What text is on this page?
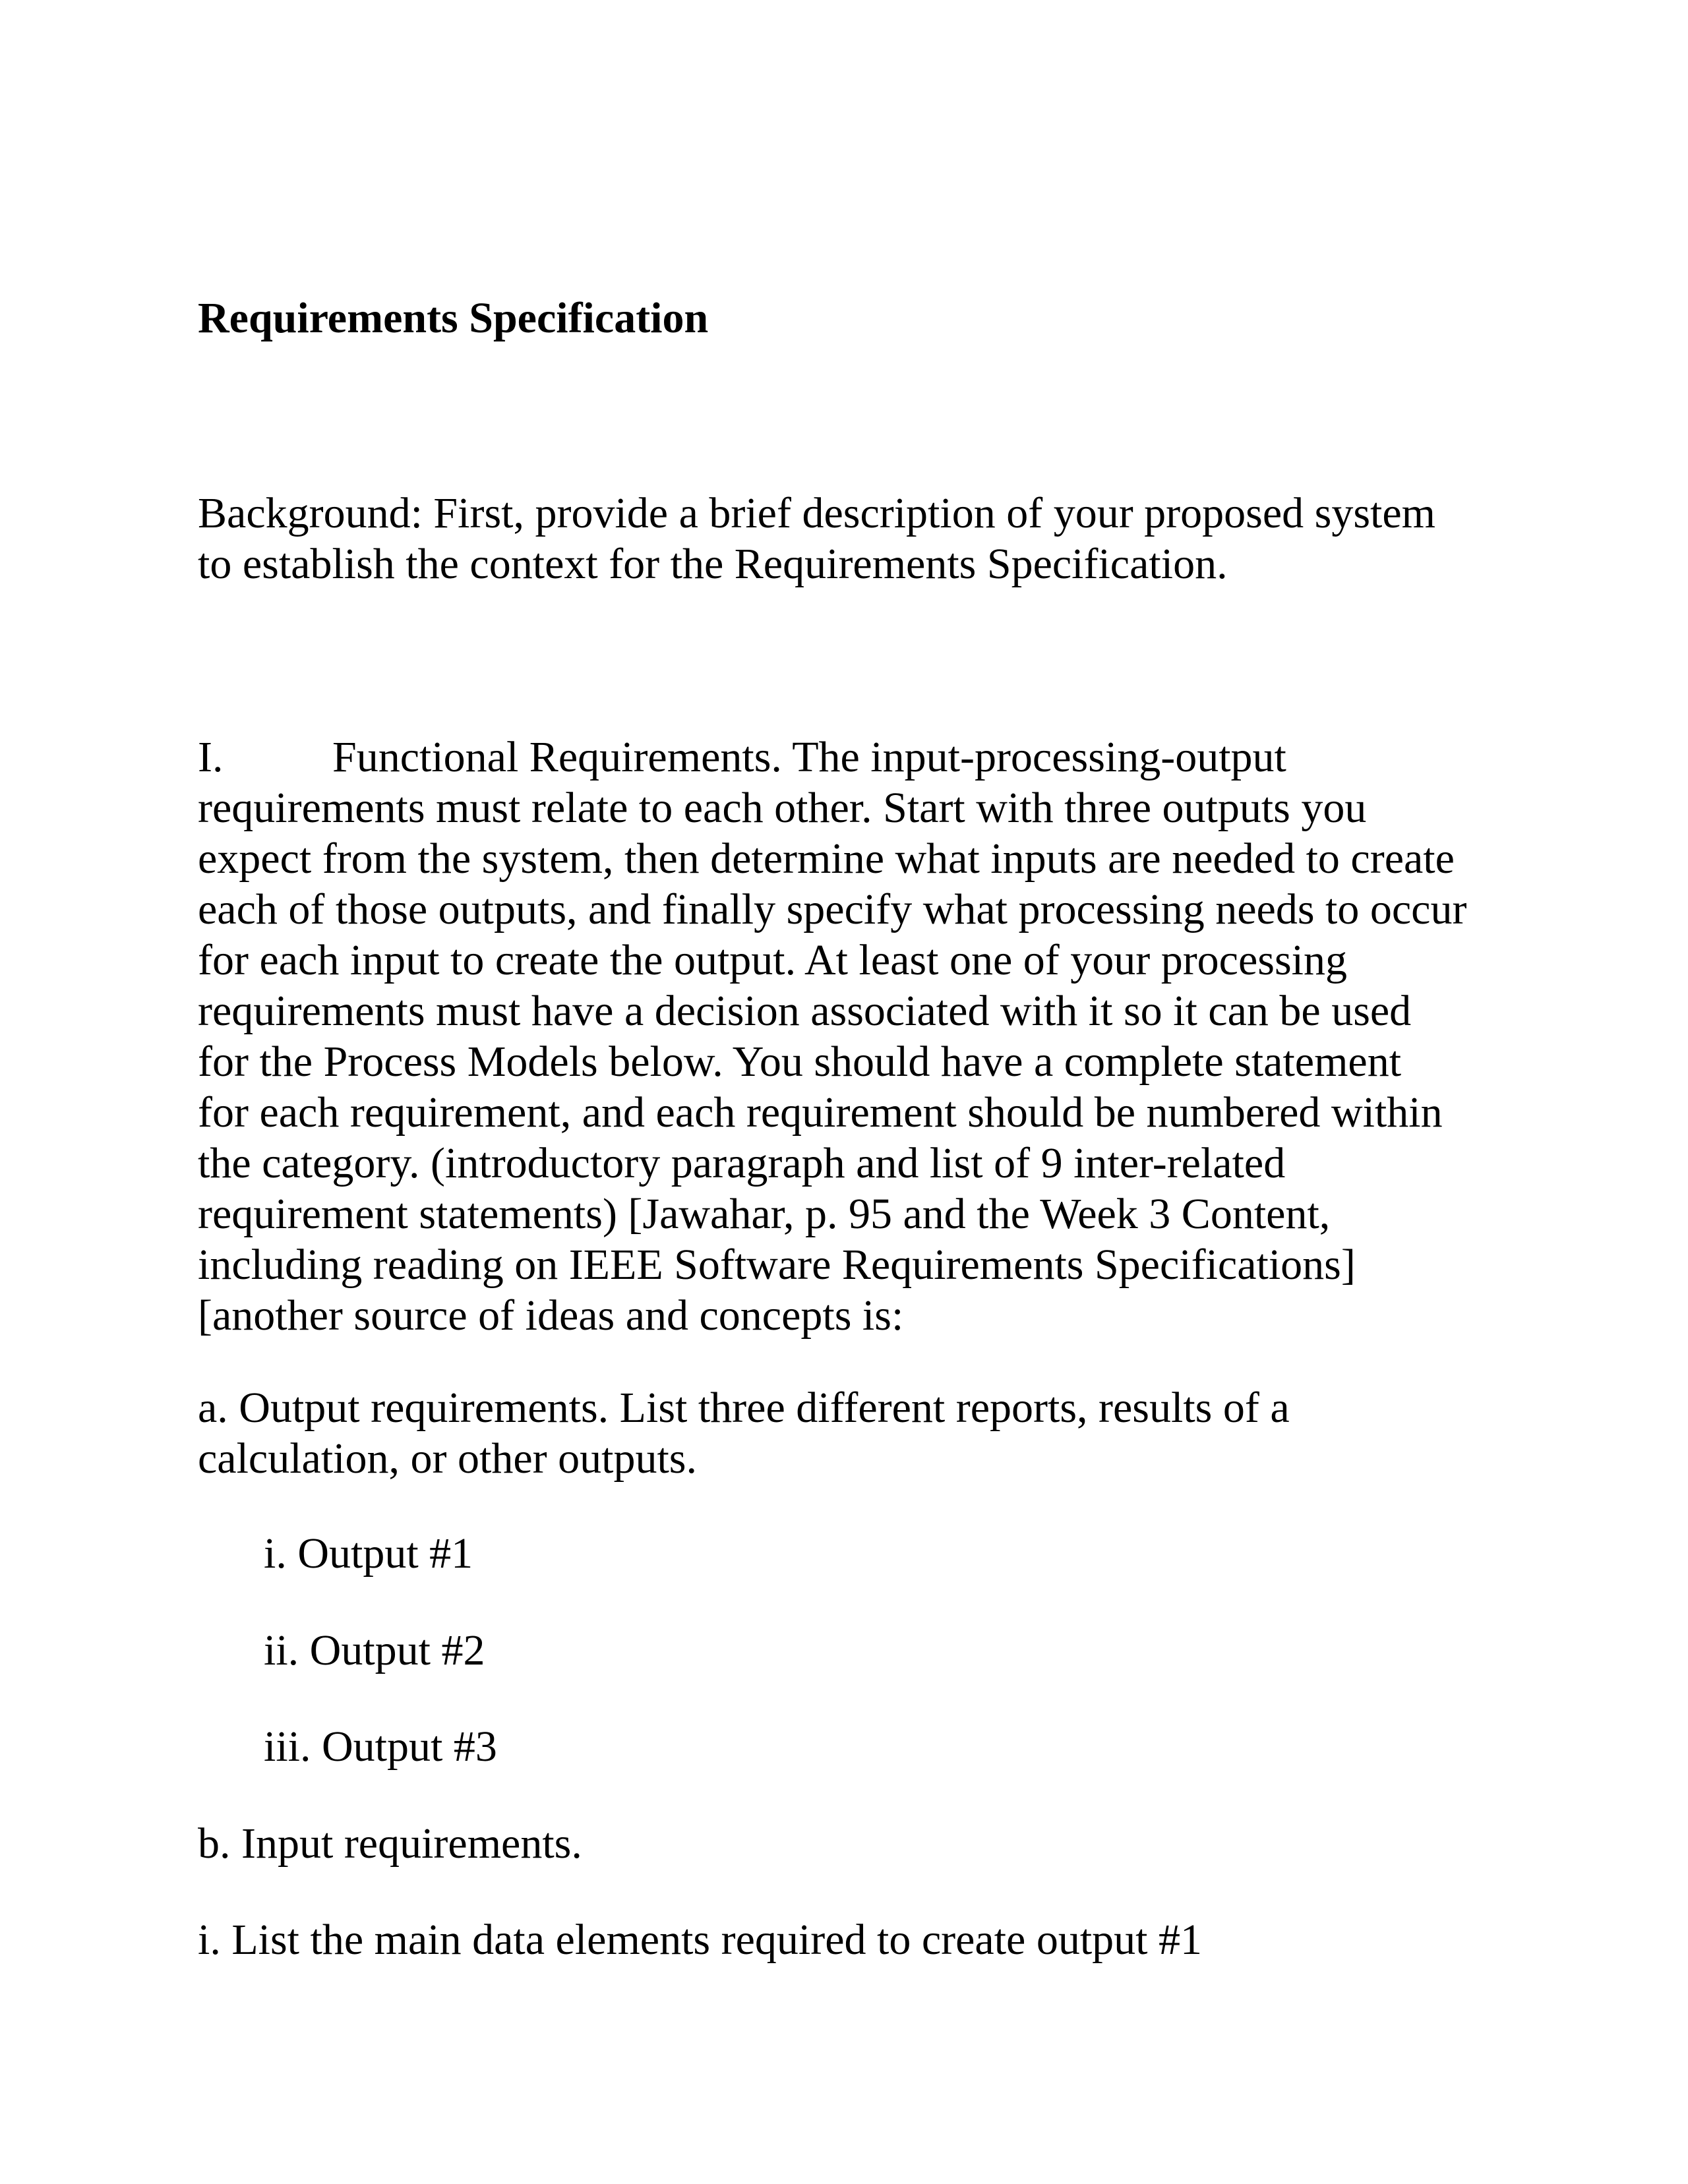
Requirements Specification
Background: First, provide a brief description of your proposed system
to establish the context for the Requirements Specification.
I.	Functional Requirements. The input-processing-output
requirements must relate to each other. Start with three outputs you
expect from the system, then determine what inputs are needed to create
each of those outputs, and finally specify what processing needs to occur
for each input to create the output. At least one of your processing
requirements must have a decision associated with it so it can be used
for the Process Models below. You should have a complete statement
for each requirement, and each requirement should be numbered within
the category. (introductory paragraph and list of 9 inter-related
requirement statements) [Jawahar, p. 95 and the Week 3 Content,
including reading on IEEE Software Requirements Specifications]
[another source of ideas and concepts is:
a. Output requirements. List three different reports, results of a
calculation, or other outputs.
i. Output #1
ii. Output #2
iii. Output #3
b. Input requirements.
i. List the main data elements required to create output #1
